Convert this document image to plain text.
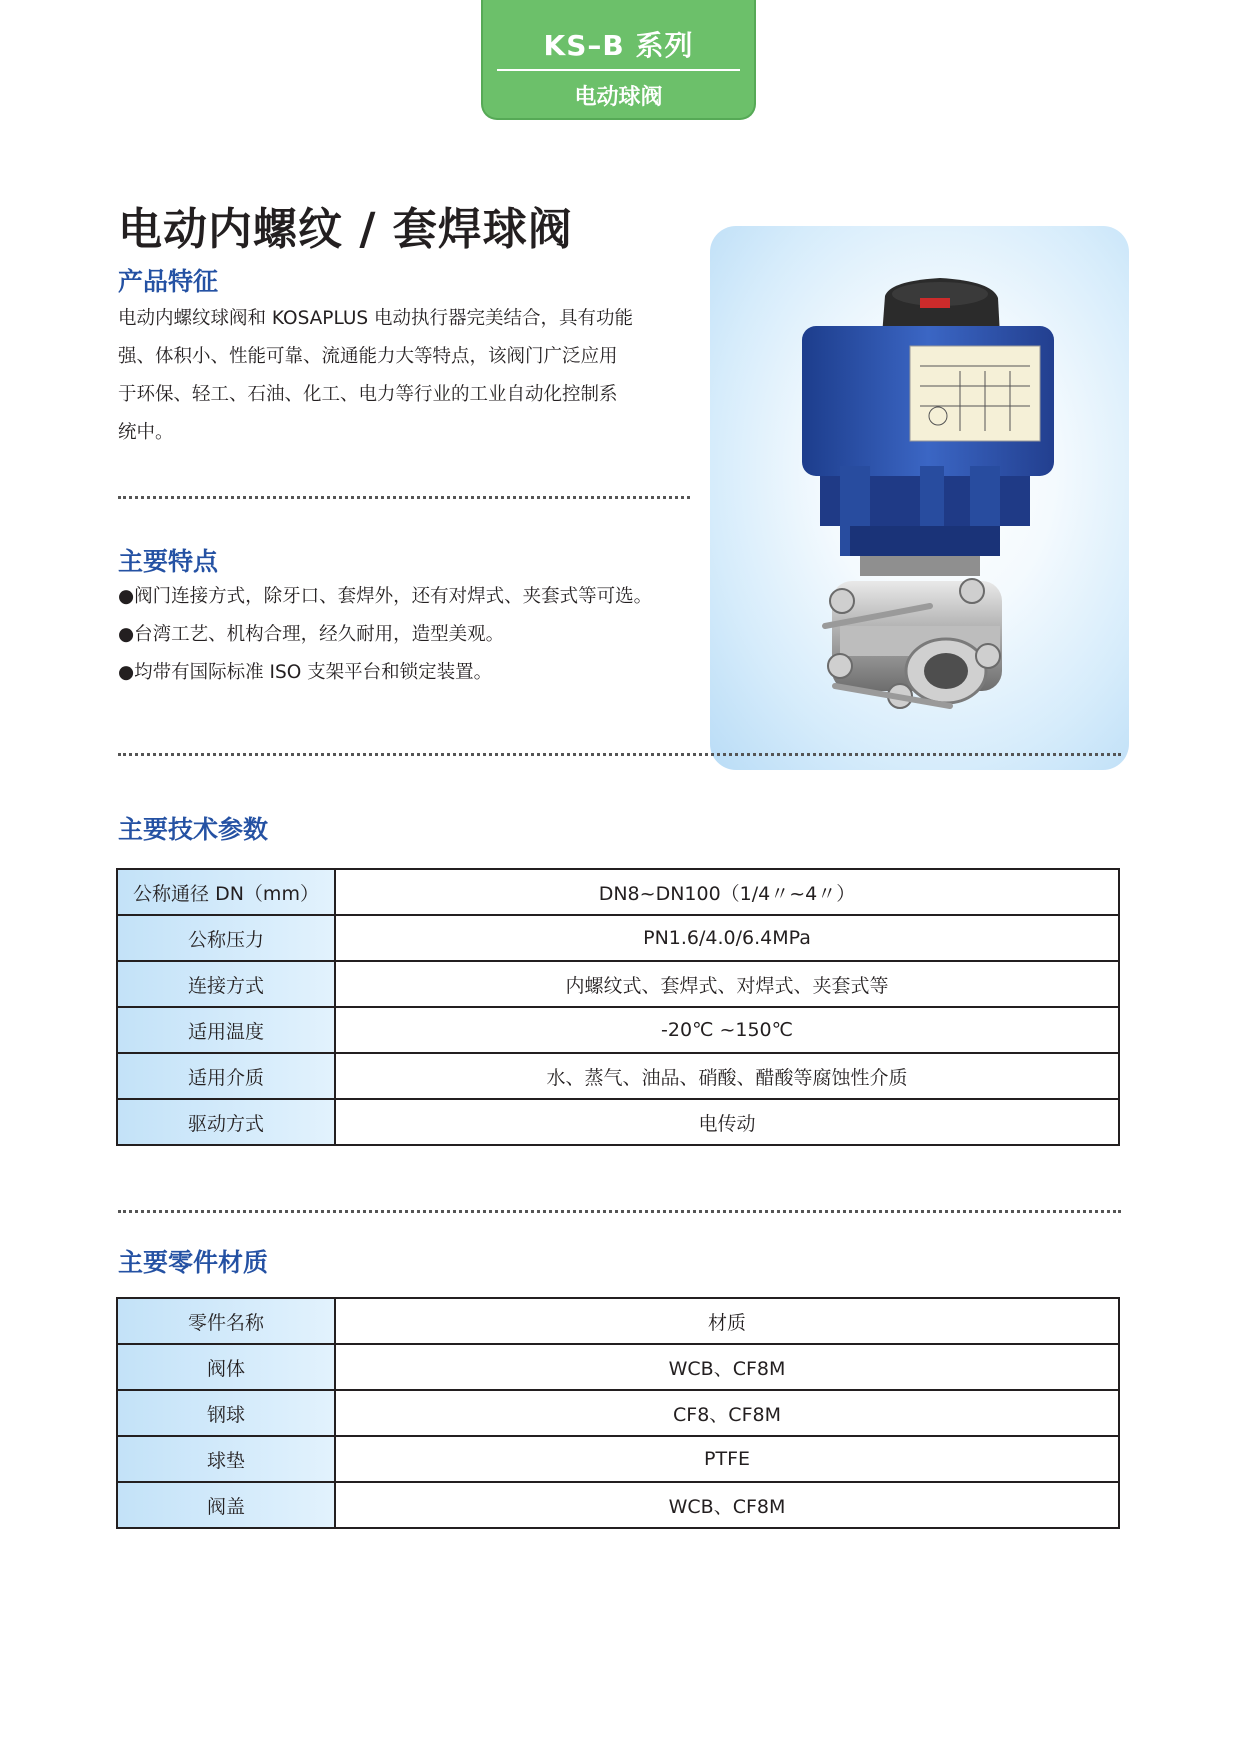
KS–B 系列
电动球阀
电动内螺纹 / 套焊球阀
产品特征

电动内螺纹球阀和 KOSAPLUS 电动执行器完美结合，具有功能
强、体积小、性能可靠、流通能力大等特点，该阀门广泛应用
于环保、轻工、石油、化工、电力等行业的工业自动化控制系
统中。

主要特点
●阀门连接方式，除牙口、套焊外，还有对焊式、夹套式等可选。
●台湾工艺、机构合理，经久耐用，造型美观。
●均带有国际标准 ISO 支架平台和锁定装置。
主要技术参数
公称通径 DN（mm）	DN8~DN100（1/4〃~4〃）
公称压力	PN1.6/4.0/6.4MPa
连接方式	内螺纹式、套焊式、对焊式、夹套式等
适用温度	-20℃ ~150℃
适用介质	水、蒸气、油品、硝酸、醋酸等腐蚀性介质
驱动方式	电传动
主要零件材质
零件名称	材质
阀体	WCB、CF8M
钢球	CF8、CF8M
球垫	PTFE
阀盖	WCB、CF8M
